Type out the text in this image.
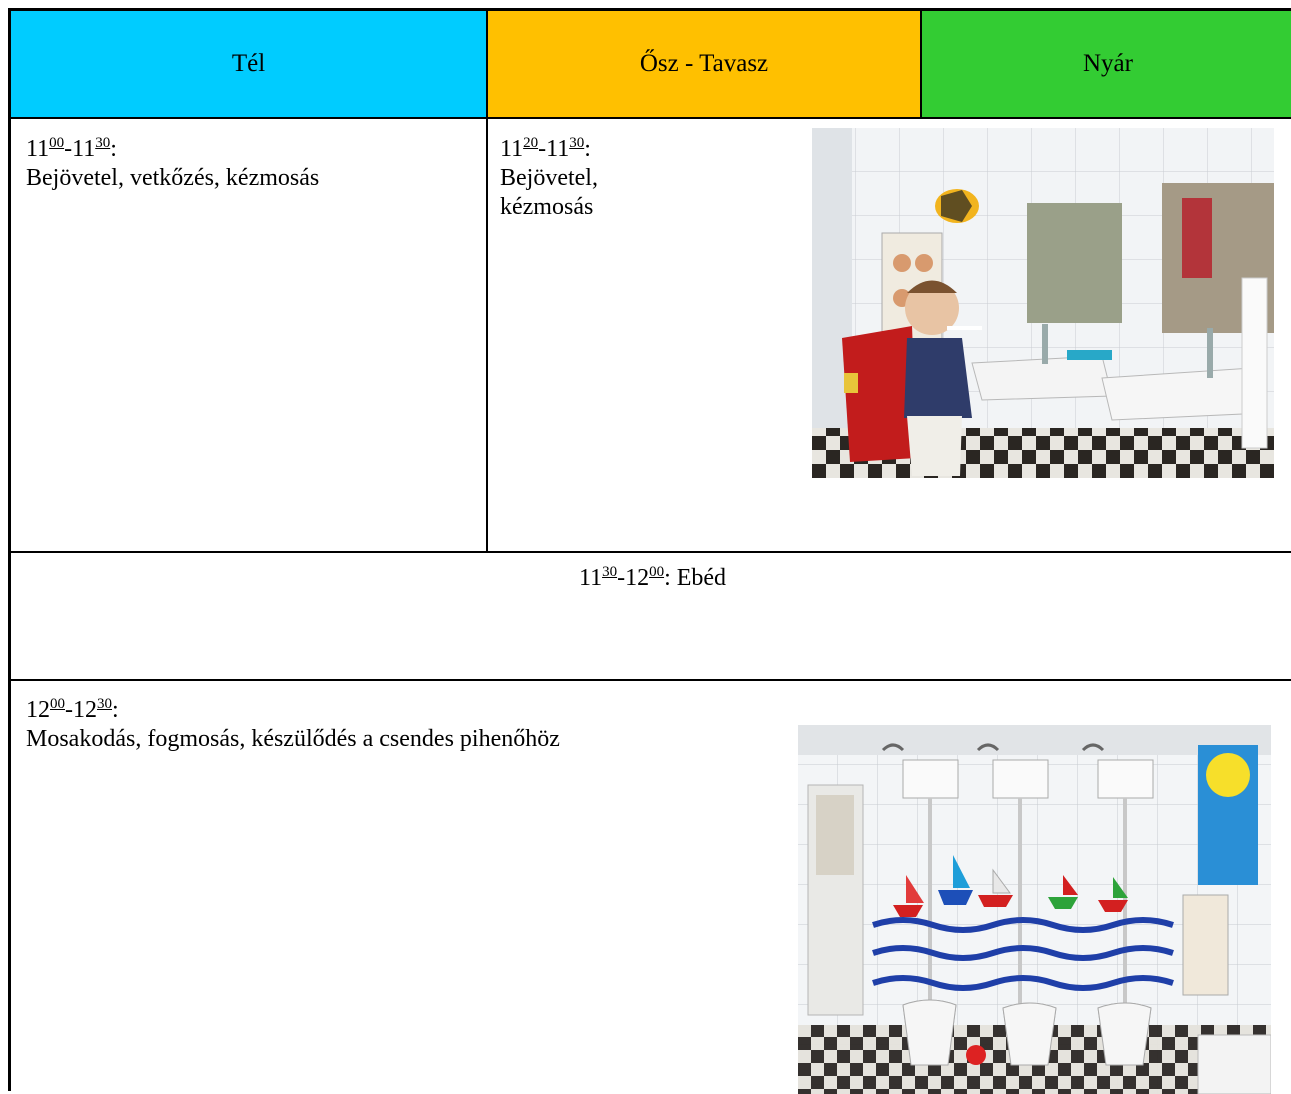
Tél	Ősz - Tavasz	Nyár
$11^{00}-11^{30}$:
Bejövetel, vetkőzés, kézmosás
$11^{20}-11^{30}$:
Bejövetel,
kézmosás
$11^{30}-12^{00}$: Ebéd
$12^{00}-12^{30}$:
Mosakodás, fogmosás, készülődés a csendes pihenőhöz
